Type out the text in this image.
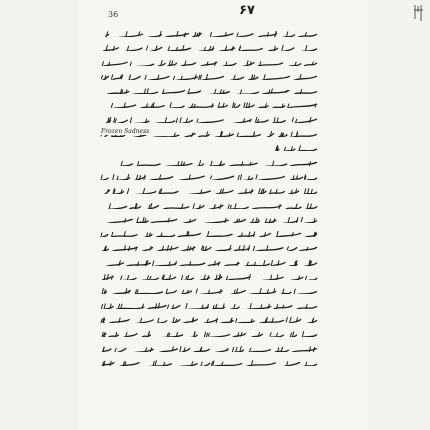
36	۶۷
Frozen Sadness
